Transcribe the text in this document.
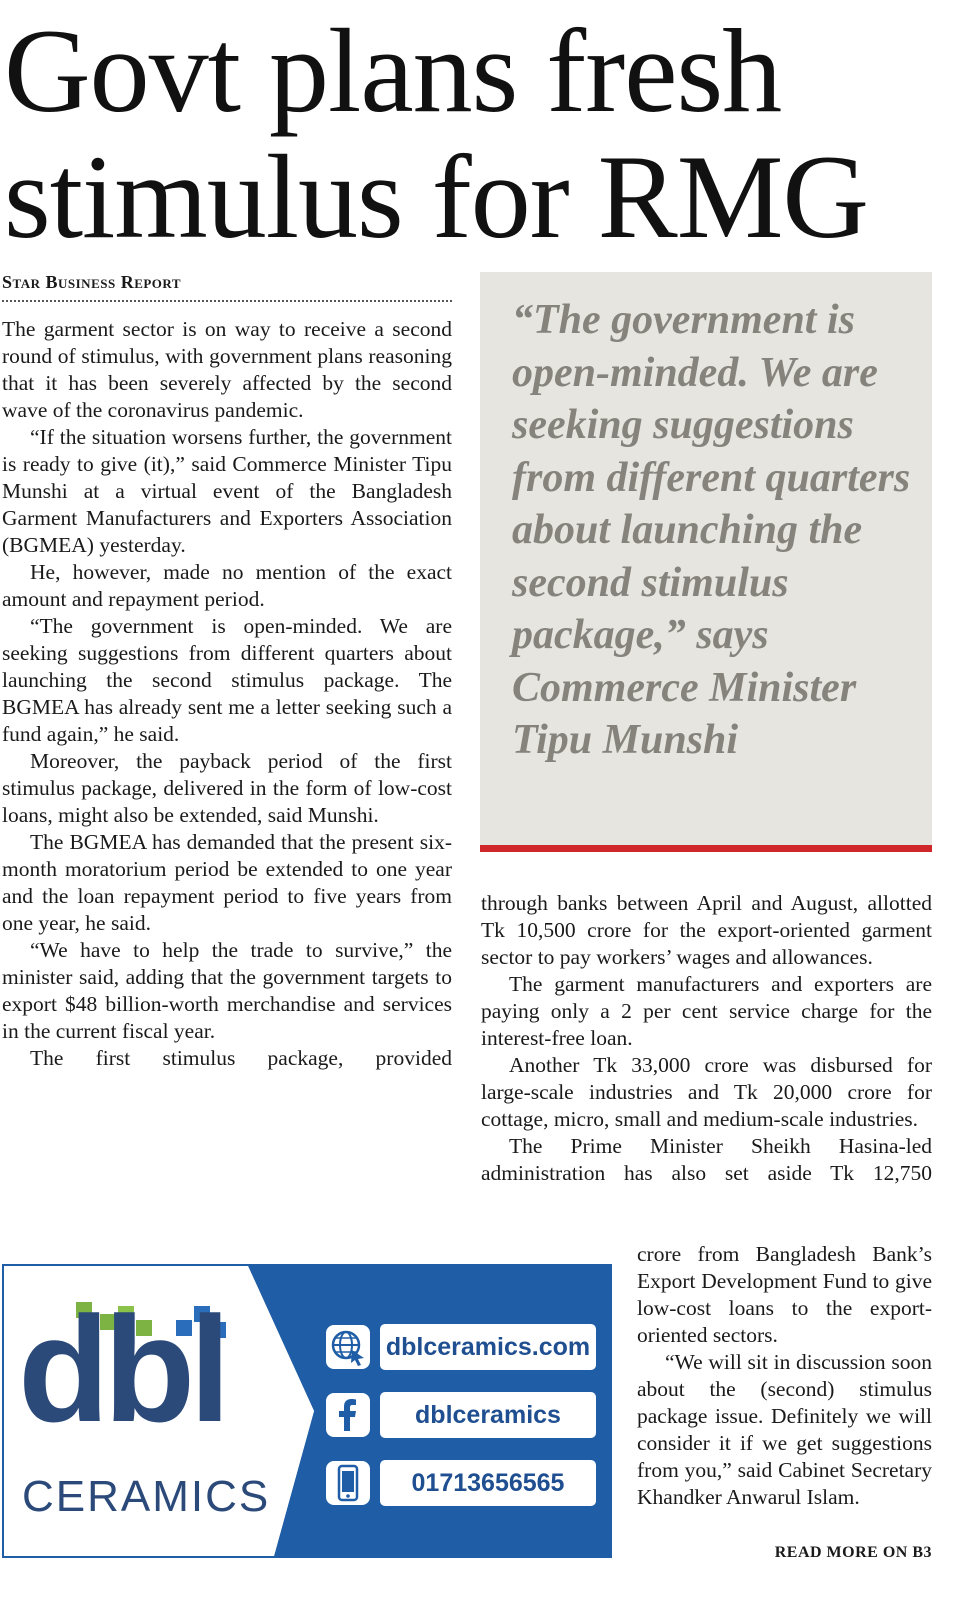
Govt plans fresh stimulus for RMG
Star Business Report

The garment sector is on way to receive a second round of stimulus, with government plans reasoning that it has been severely affected by the second wave of the coronavirus pandemic.

“If the situation worsens further, the government is ready to give (it),” said Commerce Minister Tipu Munshi at a virtual event of the Bangladesh Garment Manufacturers and Exporters Association (BGMEA) yesterday.

He, however, made no mention of the exact amount and repayment period.

“The government is open-minded. We are seeking suggestions from different quarters about launching the second stimulus package. The BGMEA has already sent me a letter seeking such a fund again,” he said.

Moreover, the payback period of the first stimulus package, delivered in the form of low-cost loans, might also be extended, said Munshi.

The BGMEA has demanded that the present six-month moratorium period be extended to one year and the loan repayment period to five years from one year, he said.

“We have to help the trade to survive,” the minister said, adding that the government targets to export $48 billion-worth merchandise and services in the current fiscal year.

The first stimulus package, provided

“The government is open-minded. We are seeking suggestions from different quarters about launching the second stimulus package,” says Commerce Minister Tipu Munshi

through banks between April and August, allotted Tk 10,500 crore for the export-oriented garment sector to pay workers’ wages and allowances.

The garment manufacturers and exporters are paying only a 2 per cent service charge for the interest-free loan.

Another Tk 33,000 crore was disbursed for large-scale industries and Tk 20,000 crore for cottage, micro, small and medium-scale industries.

The Prime Minister Sheikh Hasina-led administration has also set aside Tk 12,750

crore from Bangladesh Bank’s Export Development Fund to give low-cost loans to the export-oriented sectors.

“We will sit in discussion soon about the (second) stimulus package issue. Definitely we will consider it if we get suggestions from you,” said Cabinet Secretary Khandker Anwarul Islam.

dbl
CERAMICS
dblceramics.com
dblceramics
01713656565
READ MORE ON B3
